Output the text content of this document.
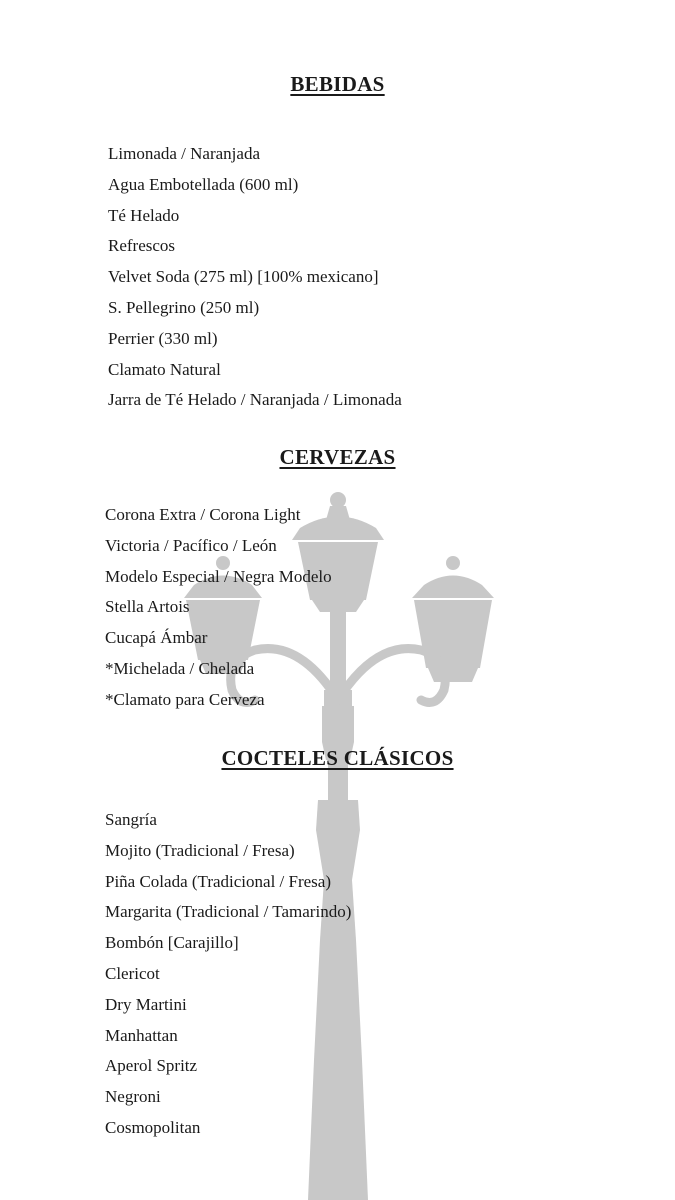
BEBIDAS
Limonada / Naranjada
Agua Embotellada (600 ml)
Té Helado
Refrescos
Velvet Soda (275 ml) [100% mexicano]
S. Pellegrino (250 ml)
Perrier (330 ml)
Clamato Natural
Jarra de Té Helado / Naranjada / Limonada
CERVEZAS
Corona Extra / Corona Light
Victoria / Pacífico / León
Modelo Especial / Negra Modelo
Stella Artois
Cucapá Ámbar
*Michelada / Chelada
*Clamato para Cerveza
COCTELES CLÁSICOS
Sangría
Mojito (Tradicional / Fresa)
Piña Colada (Tradicional / Fresa)
Margarita (Tradicional / Tamarindo)
Bombón [Carajillo]
Clericot
Dry Martini
Manhattan
Aperol Spritz
Negroni
Cosmopolitan
